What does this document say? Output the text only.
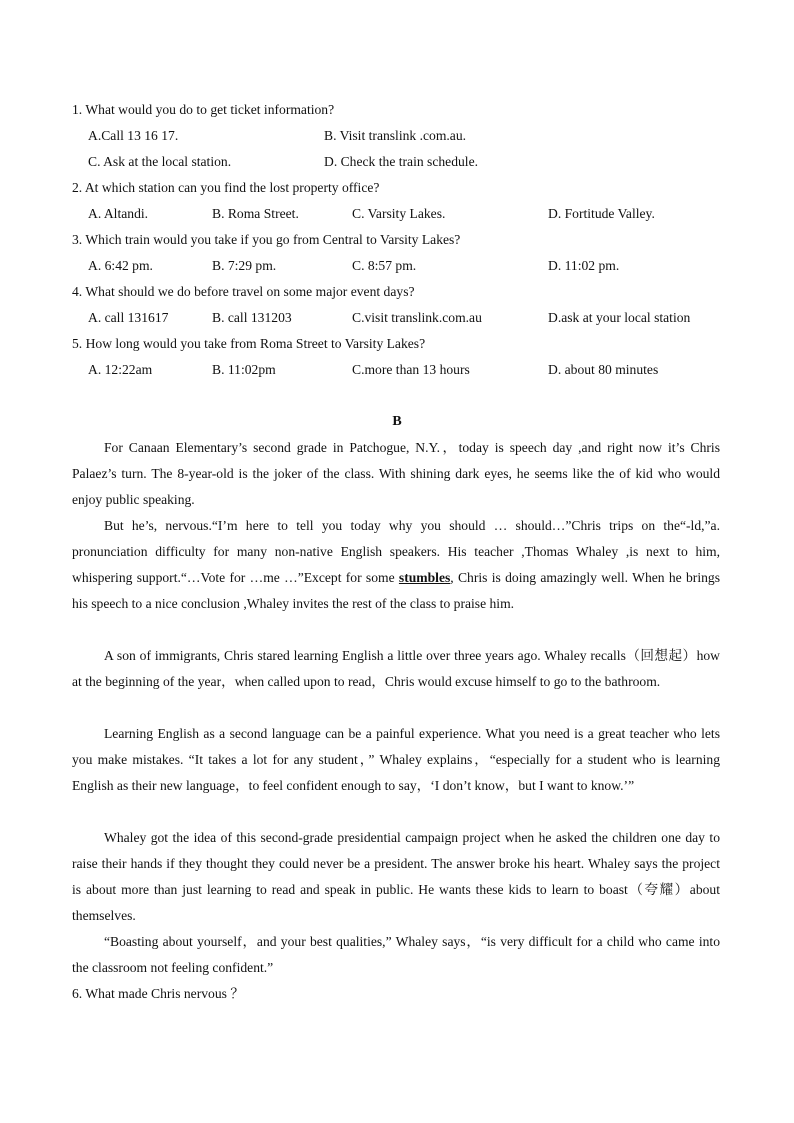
1. What would you do to get ticket information?
A.Call 13 16 17.	B. Visit translink .com.au.
C. Ask at the local station.	D. Check the train schedule.
2. At which station can you find the lost property office?
A. Altandi.	B. Roma Street.	C. Varsity Lakes.	D. Fortitude Valley.
3. Which train would you take if you go from Central to Varsity Lakes?
A. 6:42 pm.	B. 7:29 pm.	C. 8:57 pm.	D. 11:02 pm.
4. What should we do before travel on some major event days?
A. call 131617	B. call 131203	C.visit translink.com.au	D.ask at your local station
5. How long would you take from Roma Street to Varsity Lakes?
A. 12:22am	B. 11:02pm	C.more than 13 hours	D. about 80 minutes
B
For Canaan Elementary’s second grade in Patchogue, N.Y.，today is speech day ,and right now it’s Chris Palaez’s turn. The 8-year-old is the joker of the class. With shining dark eyes, he seems like the of kid who would enjoy public speaking.
But he’s, nervous.“I’m here to tell you today why you should … should…”Chris trips on the“-ld,”a. pronunciation difficulty for many non-native English speakers. His teacher ,Thomas Whaley ,is next to him, whispering support.“…Vote for …me …”Except for some stumbles, Chris is doing amazingly well. When he brings his speech to a nice conclusion ,Whaley invites the rest of the class to praise him.
A son of immigrants, Chris stared learning English a little over three years ago. Whaley recalls（回想起）how at the beginning of the year，when called upon to read，Chris would excuse himself to go to the bathroom.
Learning English as a second language can be a painful experience. What you need is a great teacher who lets you make mistakes. “It takes a lot for any student，” Whaley explains，“especially for a student who is learning English as their new language，to feel confident enough to say，‘I don’t know，but I want to know.’”
Whaley got the idea of this second-grade presidential campaign project when he asked the children one day to raise their hands if they thought they could never be a president. The answer broke his heart. Whaley says the project is about more than just learning to read and speak in public. He wants these kids to learn to boast（夸耀）about themselves.
“Boasting about yourself，and your best qualities,” Whaley says，“is very difficult for a child who came into the classroom not feeling confident.”
6. What made Chris nervous ？
